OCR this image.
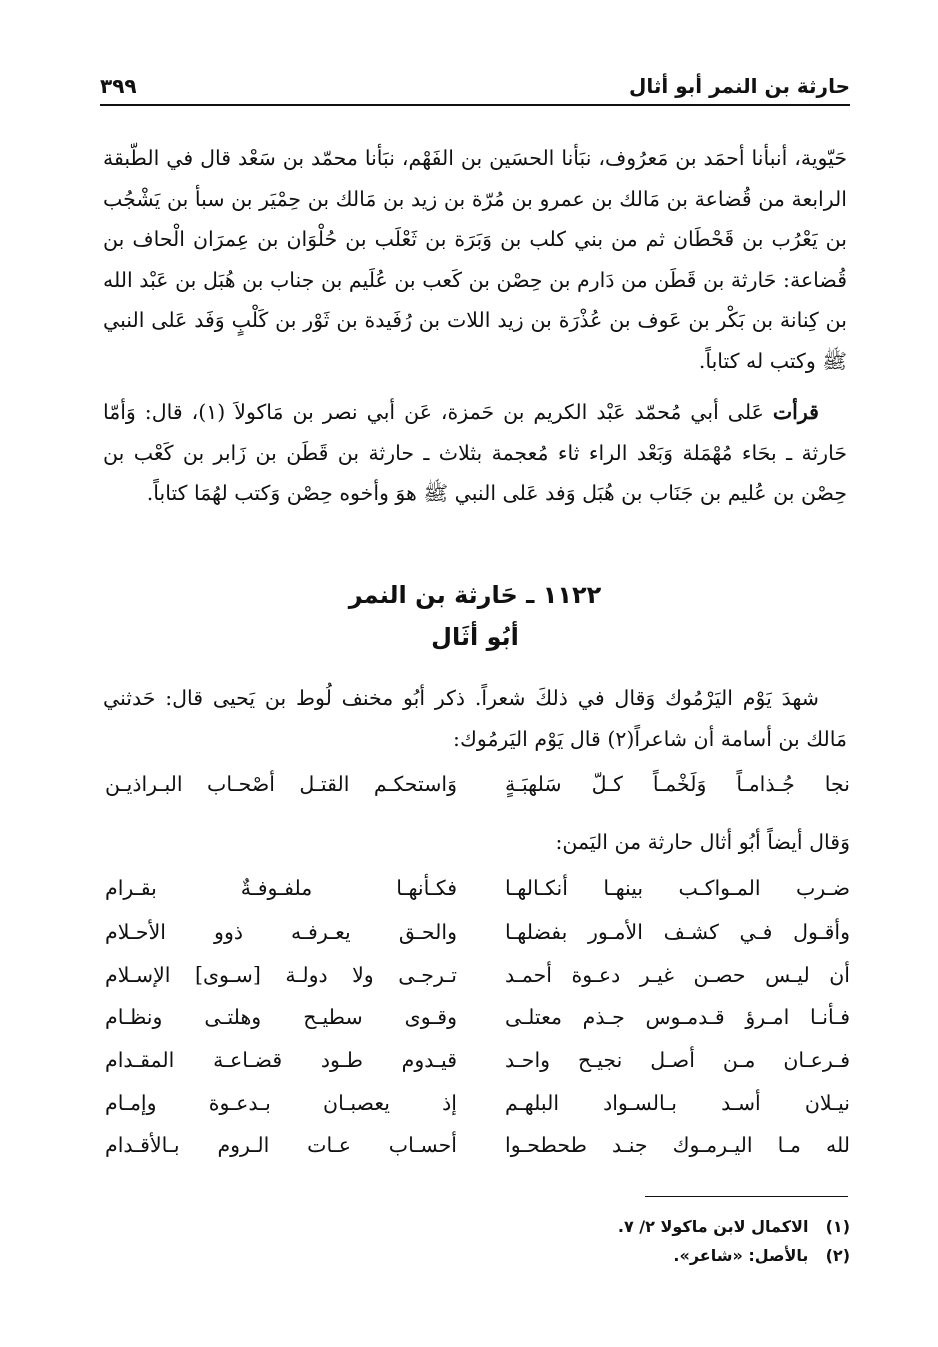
حارثة بن النمر أبو أثال
٣٩٩

حَيّوية، أنبأنا أحمَد بن مَعرُوف، نبَأنا الحسَين بن الفَهْم، نبَأنا محمّد بن سَعْد قال في الطّبقة الرابعة من قُضاعة بن مَالك بن عمرو بن مُرّة بن زيد بن مَالك بن حِمْيَر بن سبأ بن يَشْجُب بن يَعْرُب بن قَحْطَان ثم من بني كلب بن وَبَرَة بن ثَعْلَب بن حُلْوَان بن عِمرَان الْحاف بن قُضاعة: حَارثة بن قَطَن من دَارم بن حِصْن بن كَعب بن عُلَيم بن جناب بن هُبَل بن عَبْد الله بن كِنانة بن بَكْر بن عَوف بن عُذْرَة بن زيد اللات بن رُفَيدة بن ثَوْر بن كَلْبٍ وَفَد عَلى النبي ﷺ وكتب له كتاباً.

قرأت عَلى أبي مُحمّد عَبْد الكريم بن حَمزة، عَن أبي نصر بن مَاكولاَ (١)، قال: وَأمّا حَارثة ـ بحَاء مُهْمَلة وَبَعْد الراء ثاء مُعجمة بثلاث ـ حارثة بن قَطَن بن زَابر بن كَعْب بن حِصْن بن عُليم بن جَنَاب بن هُبَل وَفد عَلى النبي ﷺ هوَ وأخوه حِصْن وَكتب لهُمَا كتاباً.

١١٢٢ ـ حَارثة بن النمر
أبُو أثَال

شهدَ يَوْم اليَرْمُوك وَقال في ذلكَ شعراً. ذكر أبُو مخنف لُوط بن يَحيى قال: حَدثني مَالك بن أسامة أن شاعراً(٢) قال يَوْم اليَرمُوك:

نجا جُـذامـاً وَلَخْمـاً كـلّ سَلهبَـةٍ
وَاستحكـم القتـل أصْحـاب البـراذيـن
وَقال أيضاً أبُو أثال حارثة من اليَمن:
ضـرب المـواكـب بينهـا أنكـالهـا
فكـأنهـا ملفـوفـةٌ بقـرام
وأقـول فـي كشـف الأمـور بفضلهـا
والحـق يعـرفـه ذوو الأحـلام
أن ليـس حصـن غيـر دعـوة أحمـد
تـرجـى ولا دولـة [سـوى] الإسـلام
فـأنـا امـرؤ قـدمـوس جـذم معتلـى
وقـوى سطيـح وهلتـى ونظـام
فـرعـان مـن أصـل نجيـح واحـد
قيـدوم طـود قضـاعـة المقـدام
نيـلان أسـد بـالسـواد البلهـم
إذ يعصبـان بـدعـوة وإمـام
لله مـا اليـرمـوك جنـد طحطحـوا
أحسـاب عـات الـروم بـالأقـدام
(١) الاكمال لابن ماكولا ٢/ ٧.
(٢) بالأصل: «شاعر».
